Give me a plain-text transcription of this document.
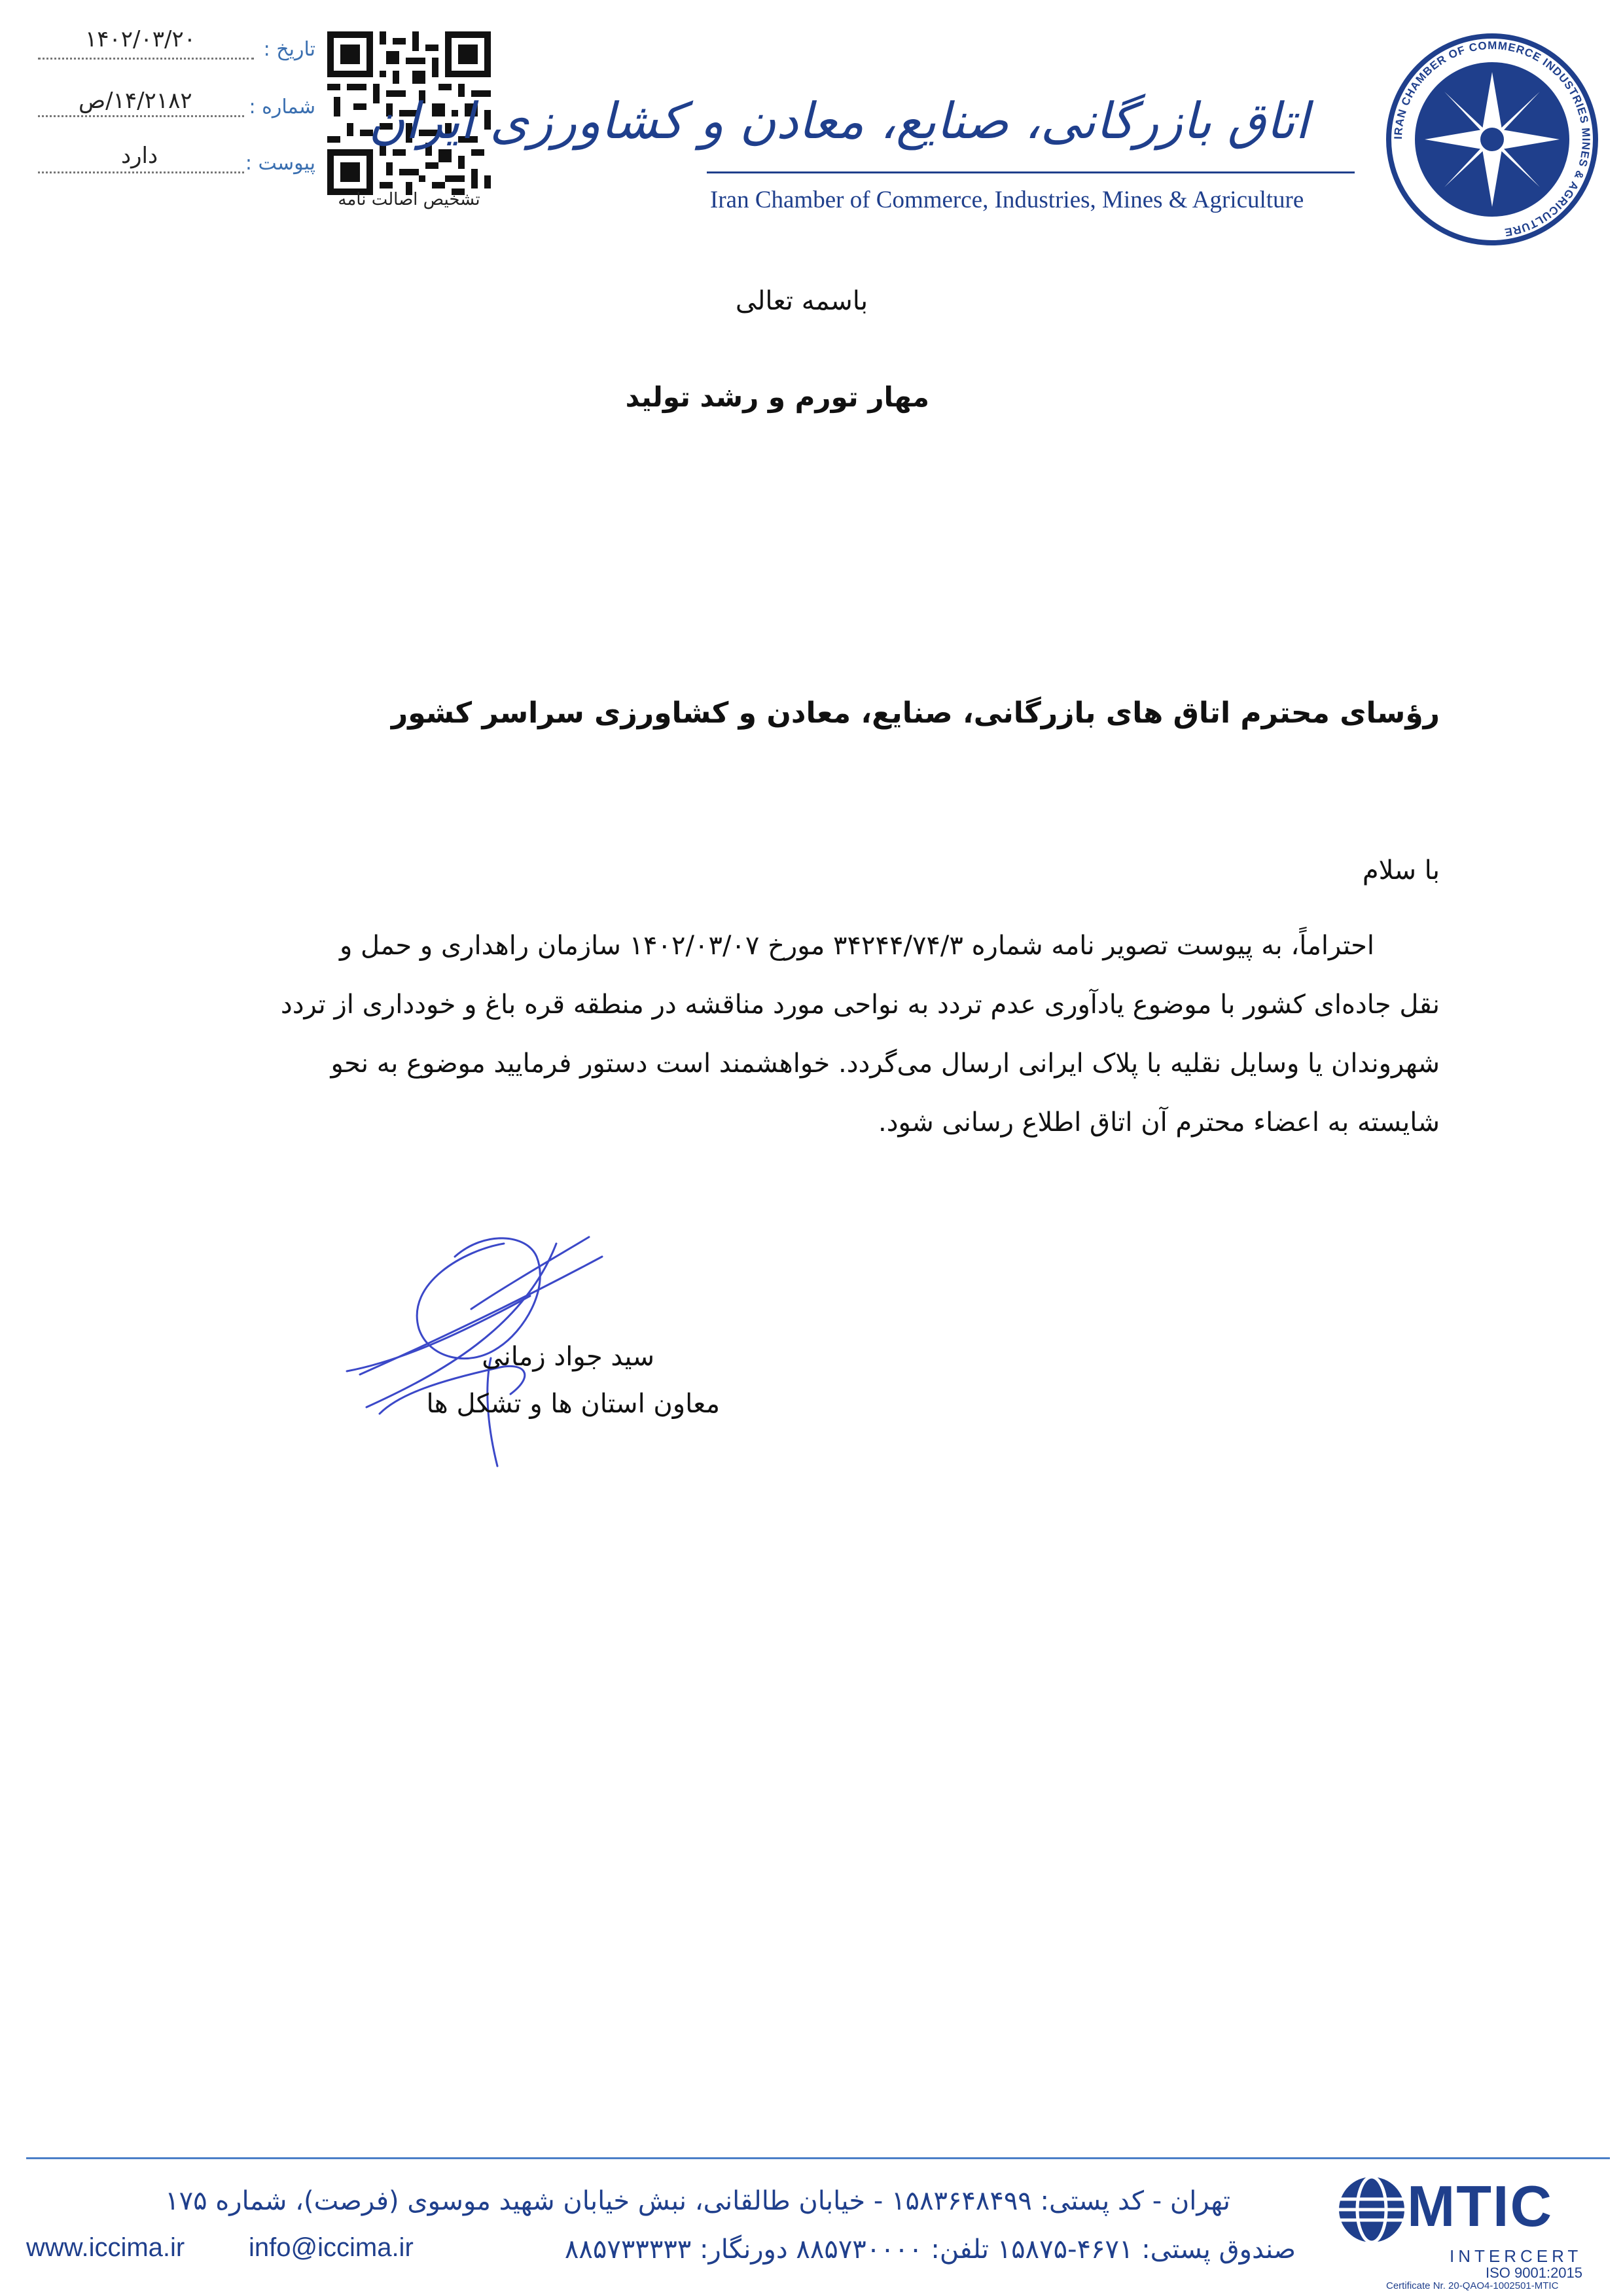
تاریخ :
۱۴۰۲/۰۳/۲۰
شماره :
۱۴/۲۱۸۲/ص
پیوست :
دارد
تشخیص اصالت نامه
اتاق بازرگانی، صنایع، معادن و کشاورزی ایران
Iran Chamber of Commerce, Industries, Mines & Agriculture
IRAN CHAMBER OF COMMERCE INDUSTRIES MINES & AGRICULTURE
باسمه تعالی
مهار تورم و رشد تولید
رؤسای محترم اتاق های بازرگانی، صنایع، معادن و کشاورزی سراسر کشور
با سلام
احتراماً، به پیوست تصویر نامه شماره ۳۴۲۴۴/۷۴/۳ مورخ ۱۴۰۲/۰۳/۰۷ سازمان راهداری و حمل و
نقل جاده‌ای کشور با موضوع یادآوری عدم تردد به نواحی مورد مناقشه در منطقه قره باغ و خودداری از تردد
شهروندان یا وسایل نقلیه با پلاک ایرانی ارسال می‌گردد. خواهشمند است دستور فرمایید موضوع به نحو
شایسته به اعضاء محترم آن اتاق اطلاع رسانی شود.
سید جواد زمانی
معاون استان ها و تشکل ها
تهران - کد پستی: ۱۵۸۳۶۴۸۴۹۹ - خیابان طالقانی، نبش خیابان شهید موسوی (فرصت)، شماره ۱۷۵
www.iccima.ir info@iccima.ir	صندوق پستی: ۴۶۷۱-۱۵۸۷۵ تلفن: ۸۸۵۷۳۰۰۰۰ دورنگار: ۸۸۵۷۳۳۳۳۳
MTIC
INTERCERT
ISO 9001:2015
Certificate Nr. 20-QAO4-1002501-MTIC
